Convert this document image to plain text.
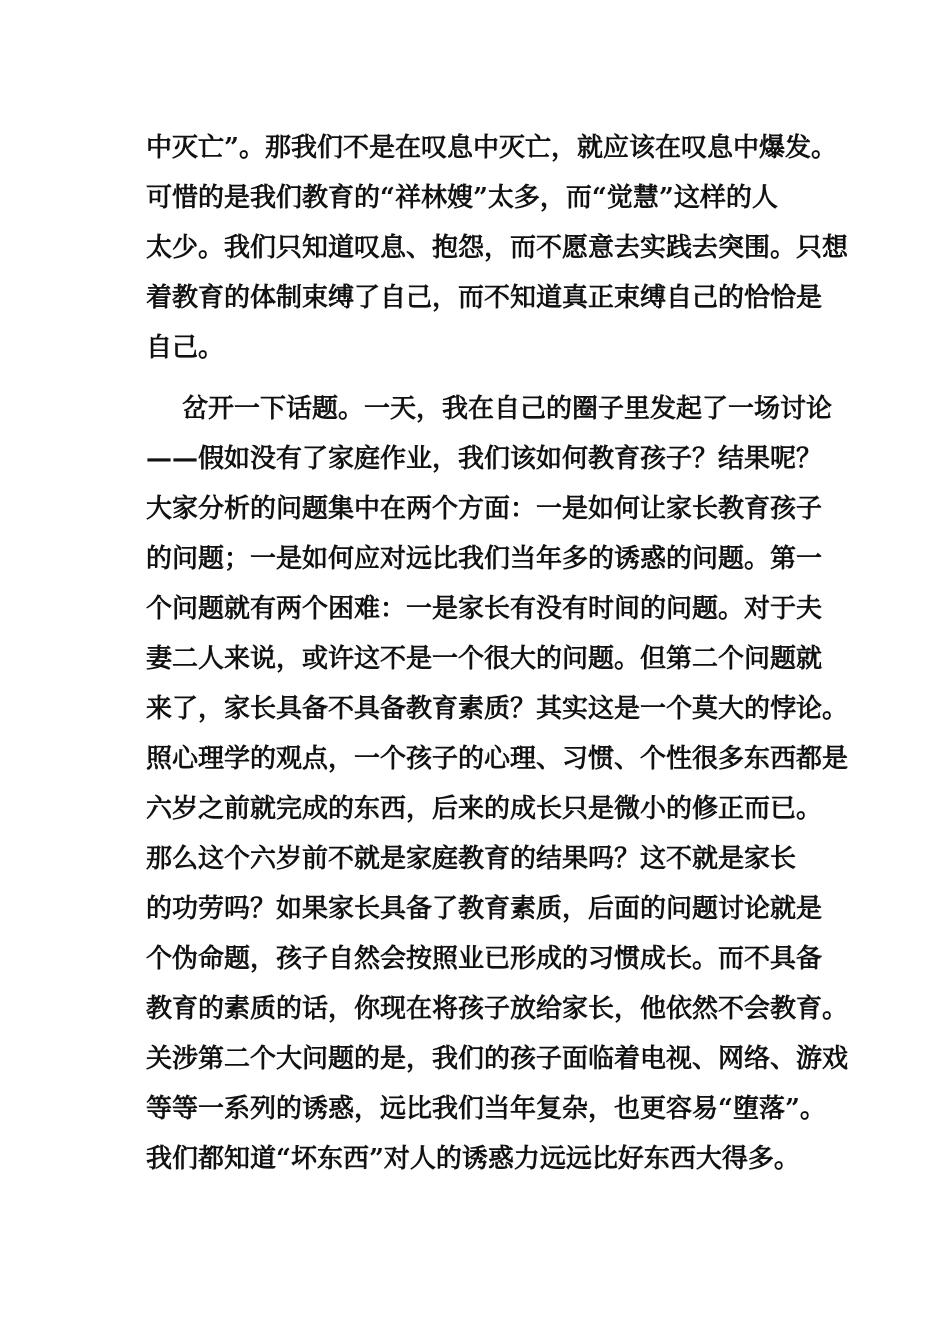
中灭亡”。那我们不是在叹息中灭亡，就应该在叹息中爆发。
可惜的是我们教育的“祥林嫂”太多，而“觉慧”这样的人
太少。我们只知道叹息、抱怨，而不愿意去实践去突围。只想
着教育的体制束缚了自己，而不知道真正束缚自己的恰恰是
自己。
岔开一下话题。一天，我在自己的圈子里发起了一场讨论
——假如没有了家庭作业，我们该如何教育孩子？结果呢？
大家分析的问题集中在两个方面：一是如何让家长教育孩子
的问题；一是如何应对远比我们当年多的诱惑的问题。第一
个问题就有两个困难：一是家长有没有时间的问题。对于夫
妻二人来说，或许这不是一个很大的问题。但第二个问题就
来了，家长具备不具备教育素质？其实这是一个莫大的悖论。
照心理学的观点，一个孩子的心理、习惯、个性很多东西都是
六岁之前就完成的东西，后来的成长只是微小的修正而已。
那么这个六岁前不就是家庭教育的结果吗？这不就是家长
的功劳吗？如果家长具备了教育素质，后面的问题讨论就是
个伪命题，孩子自然会按照业已形成的习惯成长。而不具备
教育的素质的话，你现在将孩子放给家长，他依然不会教育。
关涉第二个大问题的是，我们的孩子面临着电视、网络、游戏
等等一系列的诱惑，远比我们当年复杂，也更容易“堕落”。
我们都知道“坏东西”对人的诱惑力远远比好东西大得多。
